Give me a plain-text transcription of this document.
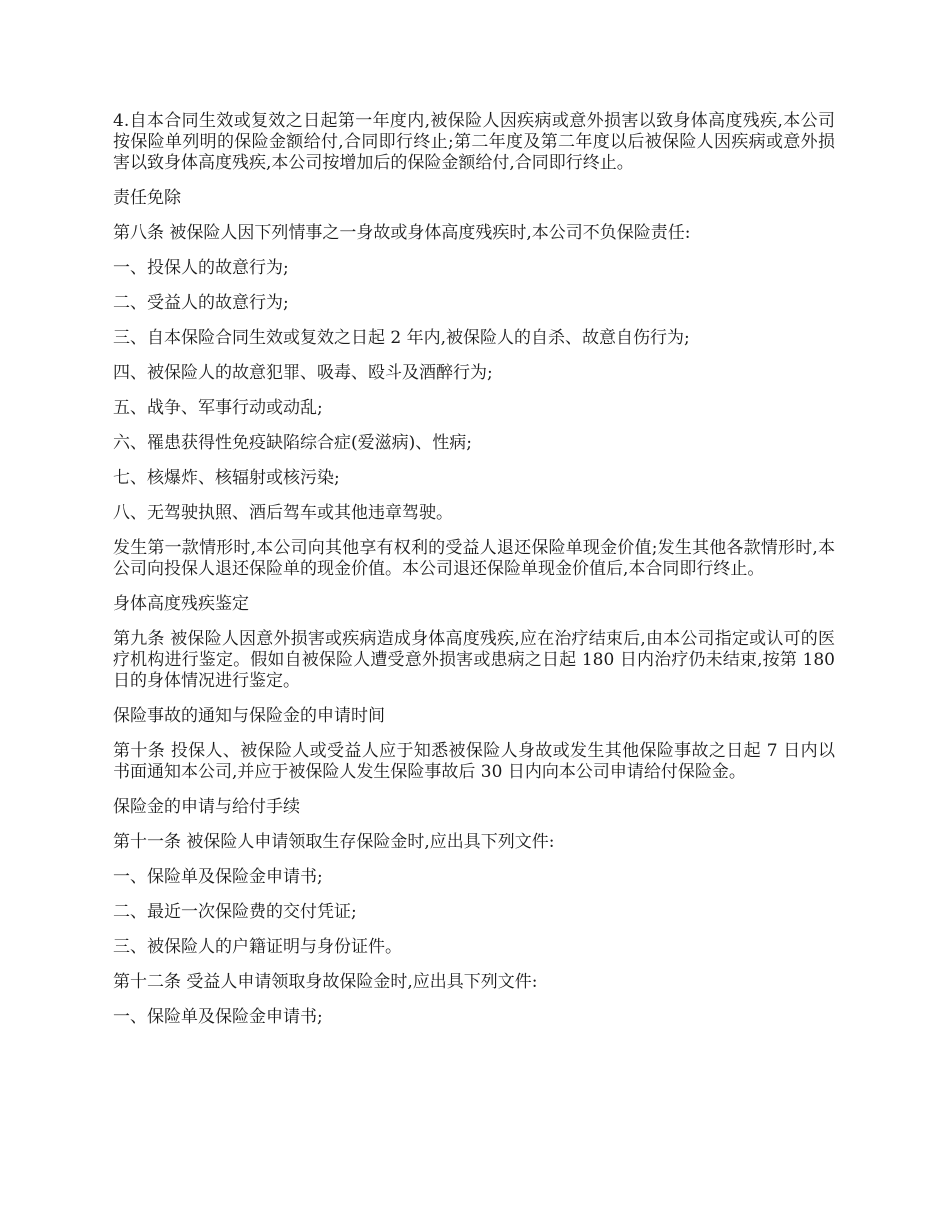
4.自本合同生效或复效之日起第一年度内,被保险人因疾病或意外损害以致身体高度残疾,本公司按保险单列明的保险金额给付,合同即行终止;第二年度及第二年度以后被保险人因疾病或意外损害以致身体高度残疾,本公司按增加后的保险金额给付,合同即行终止。

责任免除

第八条 被保险人因下列情事之一身故或身体高度残疾时,本公司不负保险责任:

一、投保人的故意行为;

二、受益人的故意行为;

三、自本保险合同生效或复效之日起 2 年内,被保险人的自杀、故意自伤行为;

四、被保险人的故意犯罪、吸毒、殴斗及酒醉行为;

五、战争、军事行动或动乱;

六、罹患获得性免疫缺陷综合症(爱滋病)、性病;

七、核爆炸、核辐射或核污染;

八、无驾驶执照、酒后驾车或其他违章驾驶。

发生第一款情形时,本公司向其他享有权利的受益人退还保险单现金价值;发生其他各款情形时,本公司向投保人退还保险单的现金价值。本公司退还保险单现金价值后,本合同即行终止。

身体高度残疾鉴定

第九条 被保险人因意外损害或疾病造成身体高度残疾,应在治疗结束后,由本公司指定或认可的医疗机构进行鉴定。假如自被保险人遭受意外损害或患病之日起 180 日内治疗仍未结束,按第 180 日的身体情况进行鉴定。

保险事故的通知与保险金的申请时间

第十条 投保人、被保险人或受益人应于知悉被保险人身故或发生其他保险事故之日起 7 日内以书面通知本公司,并应于被保险人发生保险事故后 30 日内向本公司申请给付保险金。

保险金的申请与给付手续

第十一条 被保险人申请领取生存保险金时,应出具下列文件:

一、保险单及保险金申请书;

二、最近一次保险费的交付凭证;

三、被保险人的户籍证明与身份证件。

第十二条 受益人申请领取身故保险金时,应出具下列文件:

一、保险单及保险金申请书;
